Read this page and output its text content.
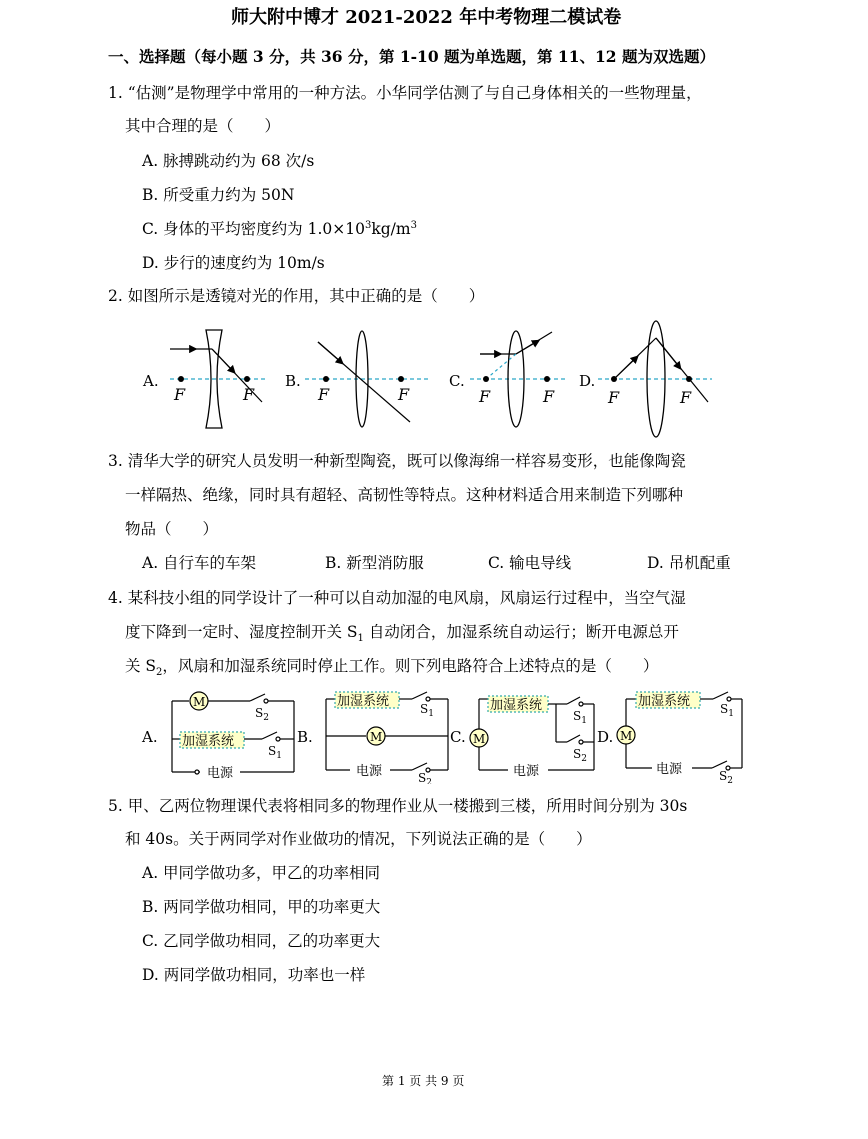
师大附中博才 2021-2022 年中考物理二模试卷
一、选择题（每小题 3 分，共 36 分，第 1-10 题为单选题，第 11、12 题为双选题）
1. “估测”是物理学中常用的一种方法。小华同学估测了与自己身体相关的一些物理量，
其中合理的是（　　）
A. 脉搏跳动约为 68 次/s
B. 所受重力约为 50N
C. 身体的平均密度约为 $1.0\times 10^3kg/m^3$
D. 步行的速度约为 10m/s
2. 如图所示是透镜对光的作用，其中正确的是（　　）
A.
F	F
B.
F	F
C.
F	F
D.
F	F
3. 清华大学的研究人员发明一种新型陶瓷，既可以像海绵一样容易变形，也能像陶瓷
一样隔热、绝缘，同时具有超轻、高韧性等特点。这种材料适合用来制造下列哪种
物品（　　）
A. 自行车的车架	B. 新型消防服	C. 输电导线	D. 吊机配重
4. 某科技小组的同学设计了一种可以自动加湿的电风扇，风扇运行过程中，当空气湿
度下降到一定时、湿度控制开关 $S_1$ 自动闭合，加湿系统自动运行；断开电源总开
关 $S_2$，风扇和加湿系统同时停止工作。则下列电路符合上述特点的是（　　）
A.
M
加湿系统
$S_2$
$S_1$
电源
B.
加湿系统	$S_1$
M
电源	$S_2$
C. M
加湿系统
$S_1$
$S_2$
电源
D. M
加湿系统 $S_1$
电源	$S_2$
5. 甲、乙两位物理课代表将相同多的物理作业从一楼搬到三楼，所用时间分别为 30s
和 40s。关于两同学对作业做功的情况，下列说法正确的是（　　）
A. 甲同学做功多，甲乙的功率相同
B. 两同学做功相同，甲的功率更大
C. 乙同学做功相同，乙的功率更大
D. 两同学做功相同，功率也一样
第 1 页 共 9 页
